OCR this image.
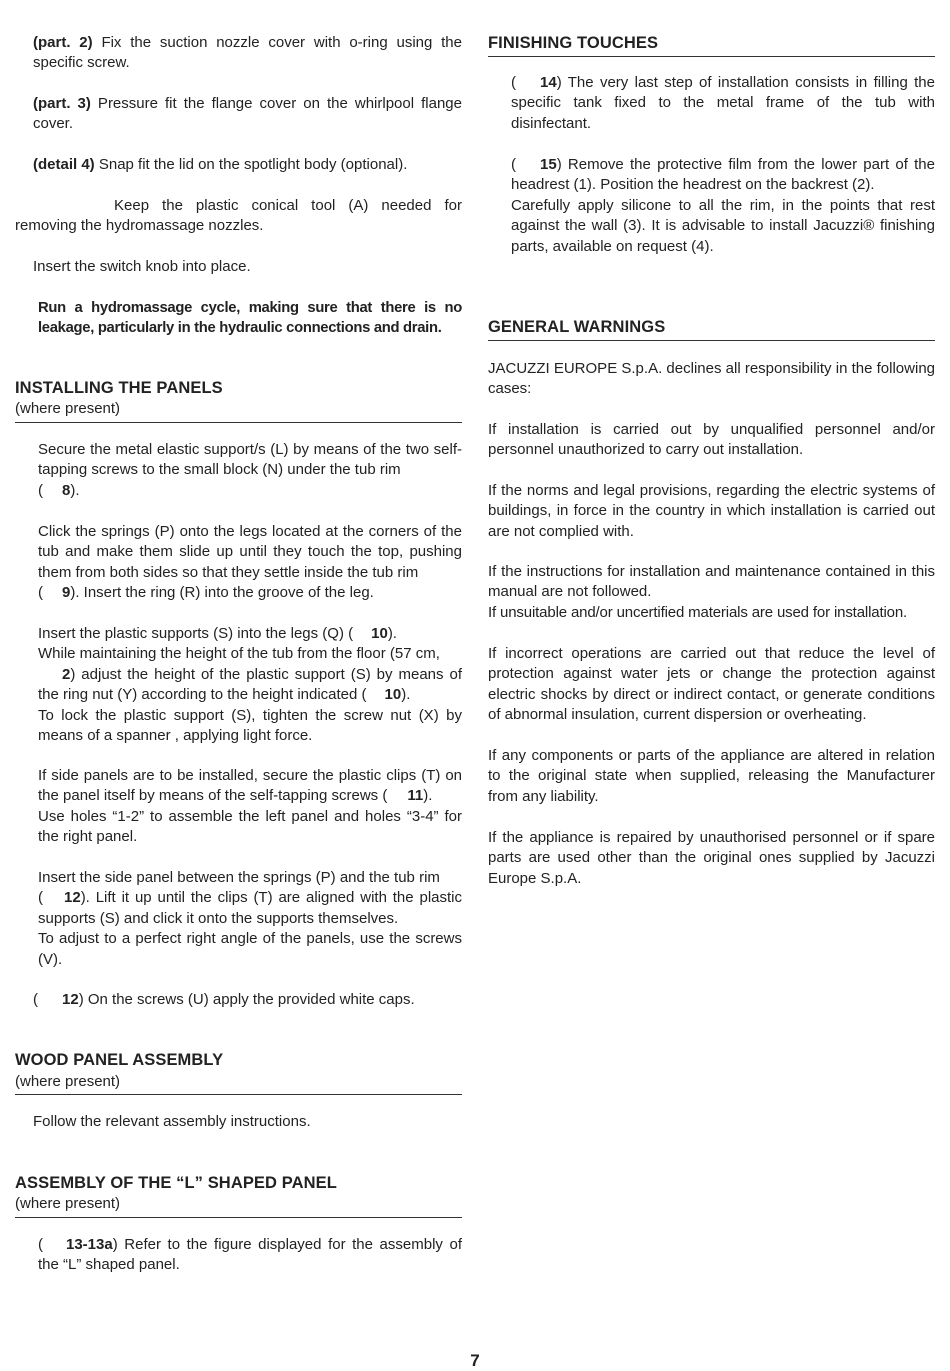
(part. 2) Fix the suction nozzle cover with o-ring using the specific screw.

(part. 3) Pressure fit the flange cover on the whirlpool flange cover.

(detail 4) Snap fit the lid on the spotlight body (optional).

Keep the plastic conical tool (A) needed for removing the hydromassage nozzles.

Insert the switch knob into place.

Run a hydromassage cycle, making sure that there is no leakage, particularly in the hydraulic connections and drain.

INSTALLING THE PANELS
(where present)

Secure the metal elastic support/s (L) by means of the two self-tapping screws to the small block (N) under the tub rim
( 8).

Click the springs (P) onto the legs located at the corners of the tub and make them slide up until they touch the top, pushing them from both sides so that they settle inside the tub rim
( 9). Insert the ring (R) into the groove of the leg.

Insert the plastic supports (S) into the legs (Q) ( 10).
While maintaining the height of the tub from the floor (57 cm,
2) adjust the height of the plastic support (S) by means of the ring nut (Y) according to the height indicated ( 10).
To lock the plastic support (S), tighten the screw nut (X) by means of a spanner , applying light force.
If side panels are to be installed, secure the plastic clips (T) on the panel itself by means of the self-tapping screws ( 11).
Use holes “1-2” to assemble the left panel and holes “3-4” for the right panel.
Insert the side panel between the springs (P) and the tub rim
( 12). Lift it up until the clips (T) are aligned with the plastic supports (S) and click it onto the supports themselves.
To adjust to a perfect right angle of the panels, use the screws (V).

( 12) On the screws (U) apply the provided white caps.

WOOD PANEL ASSEMBLY
(where present)

Follow the relevant assembly instructions.

ASSEMBLY OF THE “L” SHAPED PANEL
(where present)

( 13-13a) Refer to the figure displayed for the assembly of the “L” shaped panel.

FINISHING TOUCHES

( 14) The very last step of installation consists in filling the specific tank fixed to the metal frame of the tub with disinfectant.

( 15) Remove the protective film from the lower part of the headrest (1). Position the headrest on the backrest (2).
Carefully apply silicone to all the rim, in the points that rest against the wall (3). It is advisable to install Jacuzzi® finishing parts, available on request (4).
GENERAL WARNINGS

JACUZZI EUROPE S.p.A. declines all responsibility in the following cases:

If installation is carried out by unqualified personnel and/or personnel unauthorized to carry out installation.

If the norms and legal provisions, regarding the electric systems of buildings, in force in the country in which installation is carried out are not complied with.

If the instructions for installation and maintenance contained in this manual are not followed.
If unsuitable and/or uncertified materials are used for installation.

If incorrect operations are carried out that reduce the level of protection against water jets or change the protection against electric shocks by direct or indirect contact, or generate conditions of abnormal insulation, current dispersion or overheating.

If any components or parts of the appliance are altered in relation to the original state when supplied, releasing the Manufacturer from any liability.

If the appliance is repaired by unauthorised personnel or if spare parts are used other than the original ones supplied by Jacuzzi Europe S.p.A.

7
